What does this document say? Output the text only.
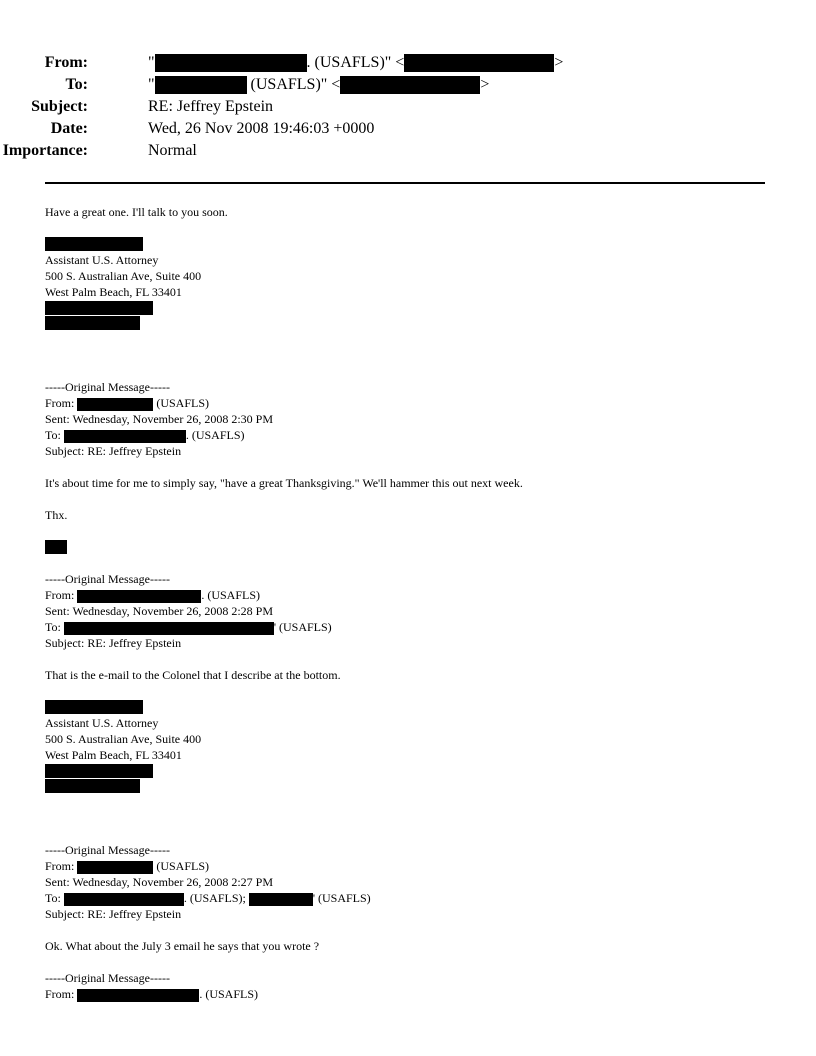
From:	"	. (USAFLS)" <	>
To:	"	(USAFLS)" <	>
Subject:	RE: Jeffrey Epstein
Date:	Wed, 26 Nov 2008 19:46:03 +0000
Importance:	Normal

Have a great one. I'll talk to you soon.

Assistant U.S. Attorney

500 S. Australian Ave, Suite 400

West Palm Beach, FL 33401

-----Original Message-----

From:	(USAFLS)

Sent: Wednesday, November 26, 2008 2:30 PM

To:	. (USAFLS)

Subject: RE: Jeffrey Epstein

It's about time for me to simply say, "have a great Thanksgiving." We'll hammer this out next week.

Thx.

-----Original Message-----

From:	. (USAFLS)

Sent: Wednesday, November 26, 2008 2:28 PM

To:	' (USAFLS)

Subject: RE: Jeffrey Epstein

That is the e-mail to the Colonel that I describe at the bottom.

Assistant U.S. Attorney

500 S. Australian Ave, Suite 400

West Palm Beach, FL 33401

-----Original Message-----

From:	(USAFLS)

Sent: Wednesday, November 26, 2008 2:27 PM

To:	. (USAFLS);	' (USAFLS)

Subject: RE: Jeffrey Epstein

Ok. What about the July 3 email he says that you wrote ?

-----Original Message-----

From:	. (USAFLS)
